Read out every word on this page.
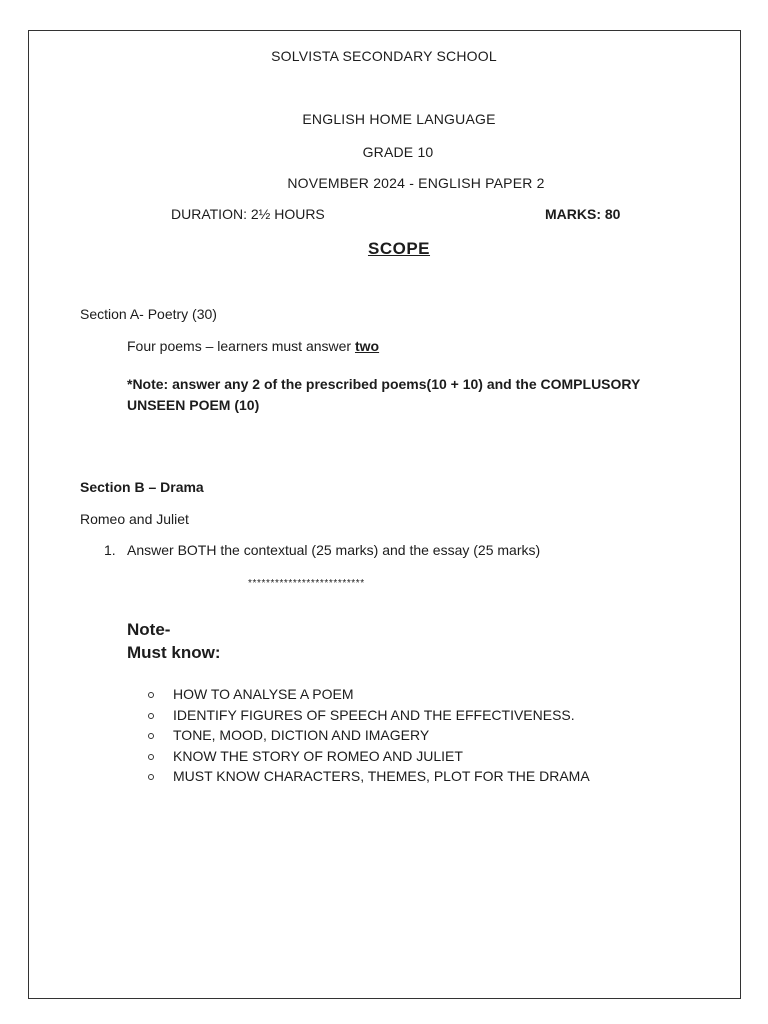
SOLVISTA SECONDARY SCHOOL
ENGLISH HOME LANGUAGE
GRADE 10
NOVEMBER 2024 - ENGLISH PAPER 2
DURATION: 2½ HOURS	MARKS: 80
SCOPE
Section A- Poetry (30)
Four poems – learners must answer two
*Note: answer any 2 of the prescribed poems(10 + 10) and the COMPLUSORY
UNSEEN POEM (10)
Section B – Drama
Romeo and Juliet
1. Answer BOTH the contextual (25 marks) and the essay (25 marks)
**************************
Note-
Must know:
HOW TO ANALYSE A POEM
IDENTIFY FIGURES OF SPEECH AND THE EFFECTIVENESS.
TONE, MOOD, DICTION AND IMAGERY
KNOW THE STORY OF ROMEO AND JULIET
MUST KNOW CHARACTERS, THEMES, PLOT FOR THE DRAMA
